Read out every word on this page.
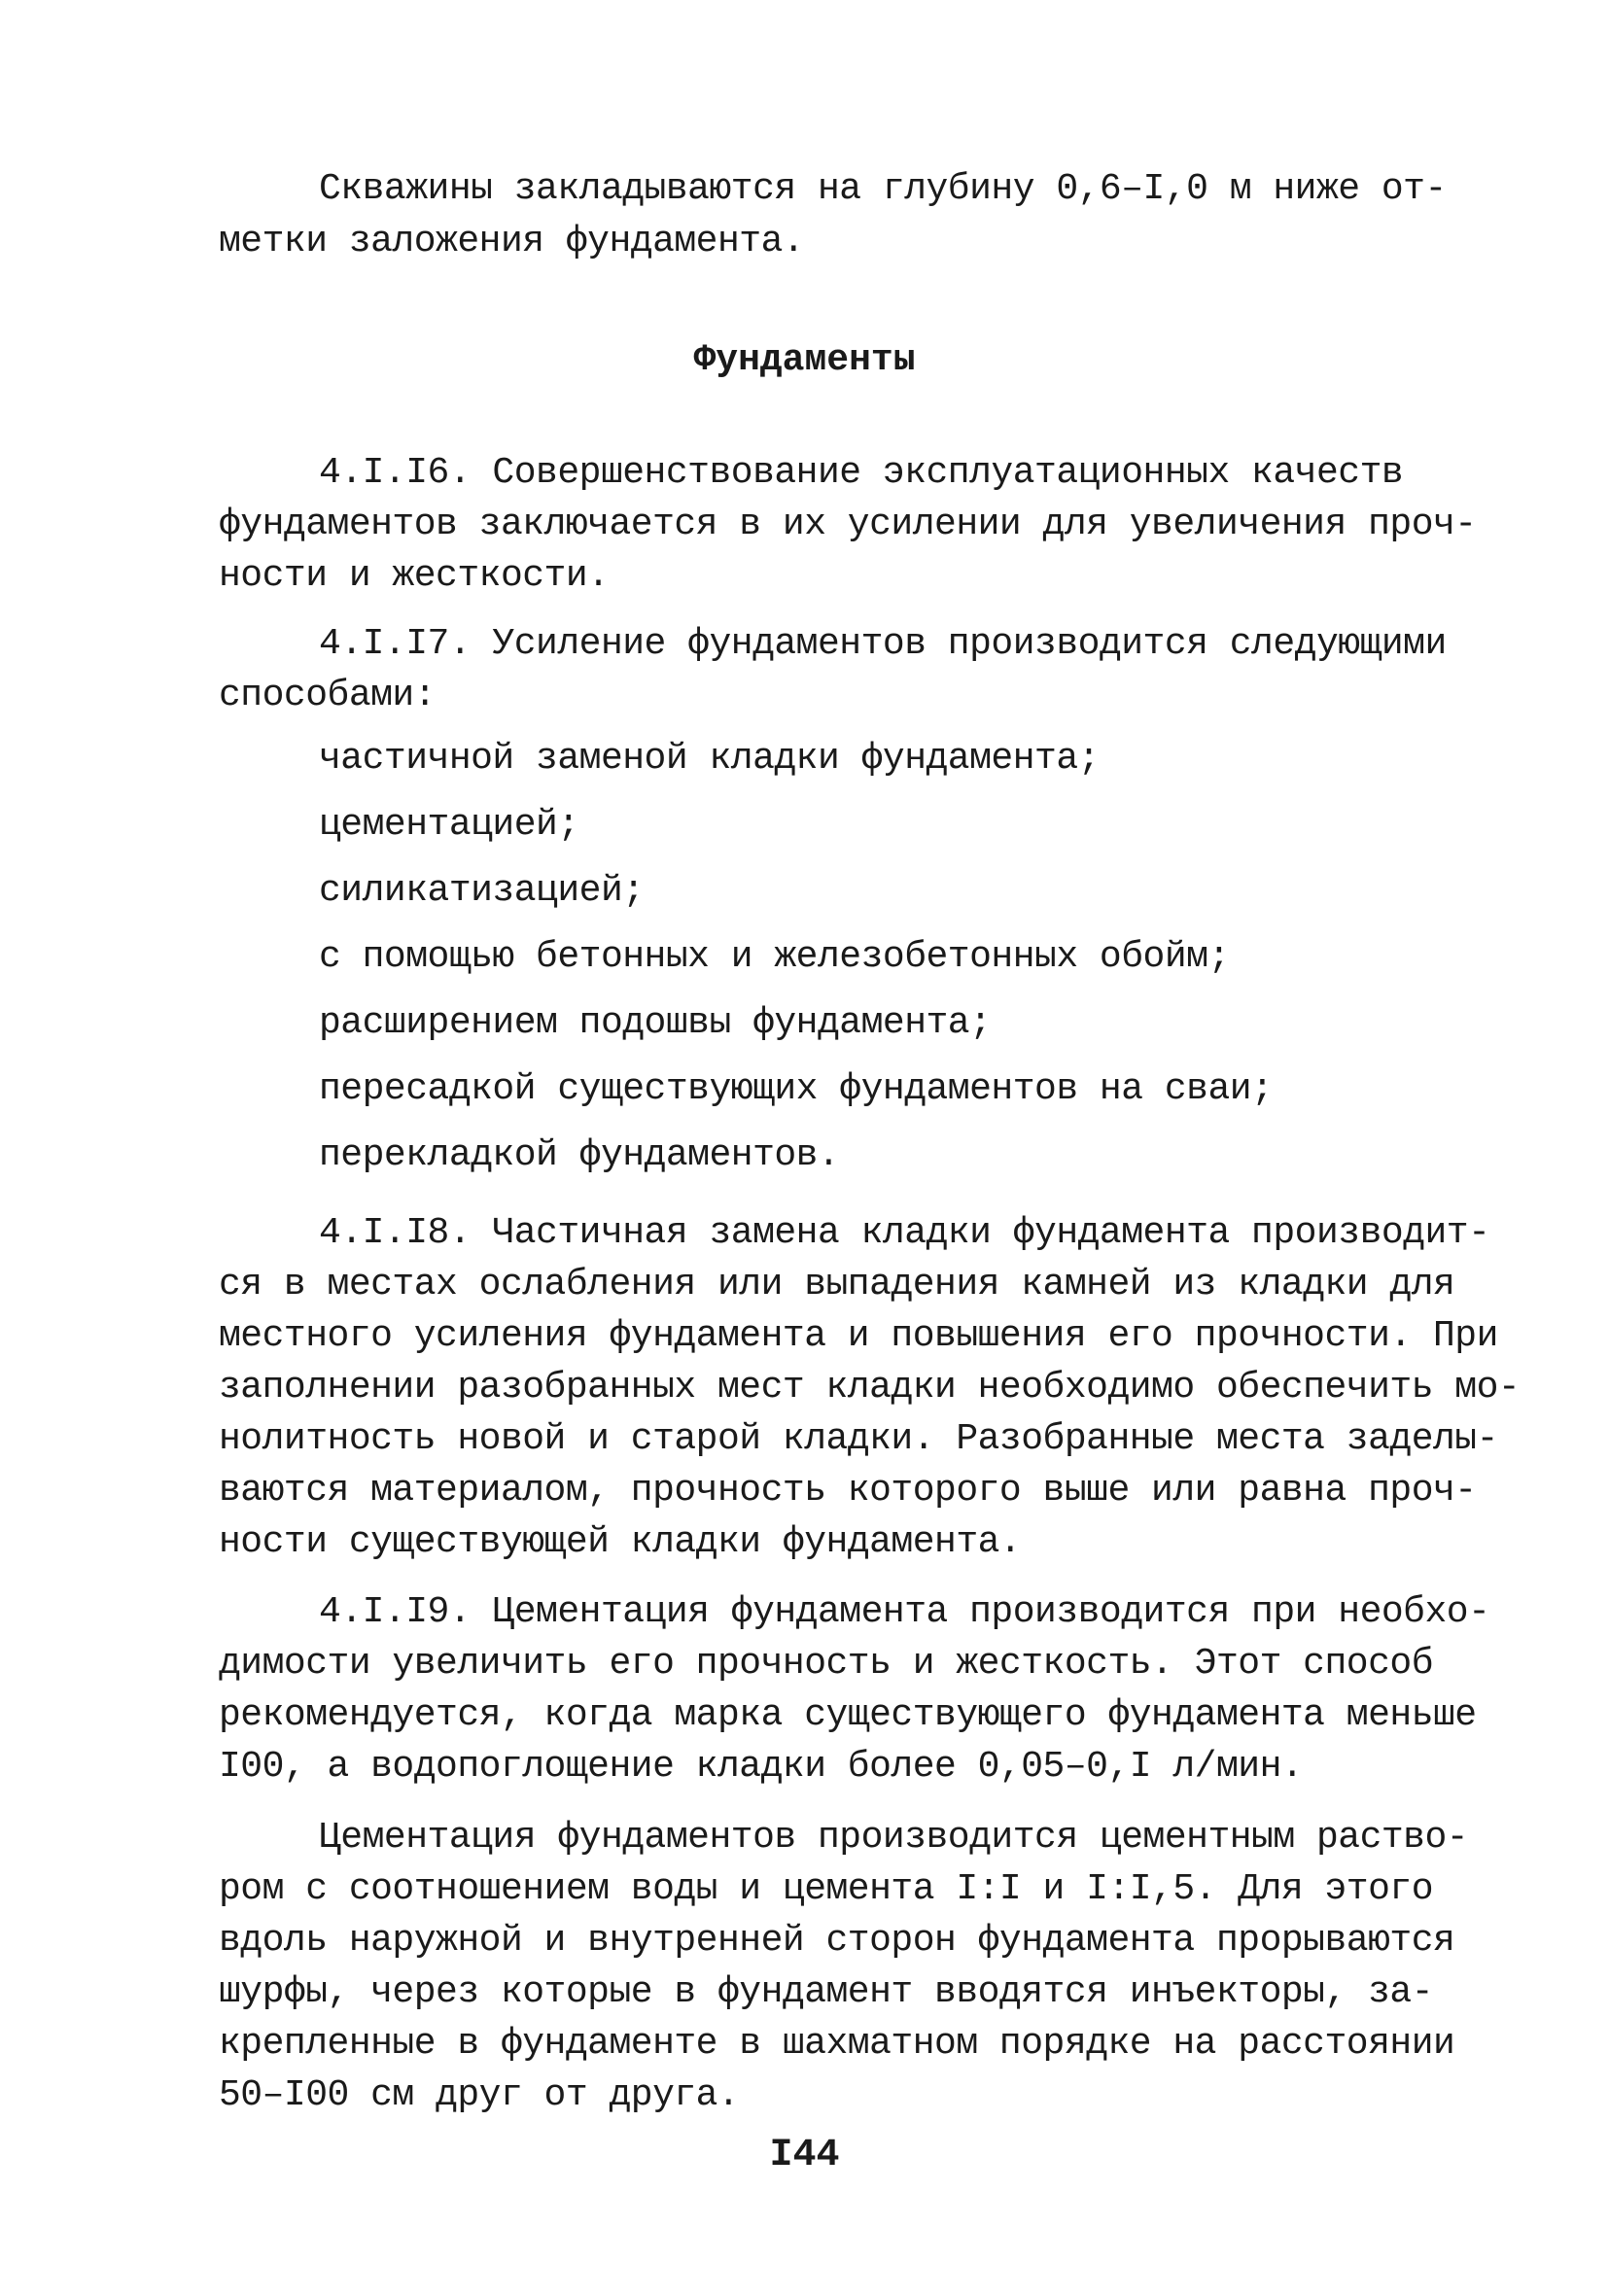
Скважины закладываются на глубину 0,6–I,0 м ниже от-

метки заложения фундамента.

Фундаменты

4.I.I6. Совершенствование эксплуатационных качеств

фундаментов заключается в их усилении для увеличения проч-

ности и жесткости.

4.I.I7. Усиление фундаментов производится следующими

способами:

частичной заменой кладки фундамента;

цементацией;

силикатизацией;

с помощью бетонных и железобетонных обойм;

расширением подошвы фундамента;

пересадкой существующих фундаментов на сваи;

перекладкой фундаментов.

4.I.I8. Частичная замена кладки фундамента производит-

ся в местах ослабления или выпадения камней из кладки для

местного усиления фундамента и повышения его прочности. При

заполнении разобранных мест кладки необходимо обеспечить мо-

нолитность новой и старой кладки. Разобранные места заделы-

ваются материалом, прочность которого выше или равна проч-

ности существующей кладки фундамента.

4.I.I9. Цементация фундамента производится при необхо-

димости увеличить его прочность и жесткость. Этот способ

рекомендуется, когда марка существующего фундамента меньше

I00, а водопоглощение кладки более 0,05–0,I л/мин.

Цементация фундаментов производится цементным раство-

ром с соотношением воды и цемента I:I и I:I,5. Для этого

вдоль наружной и внутренней сторон фундамента прорываются

шурфы, через которые в фундамент вводятся инъекторы, за-

крепленные в фундаменте в шахматном порядке на расстоянии

50–I00 см друг от друга.

I44
